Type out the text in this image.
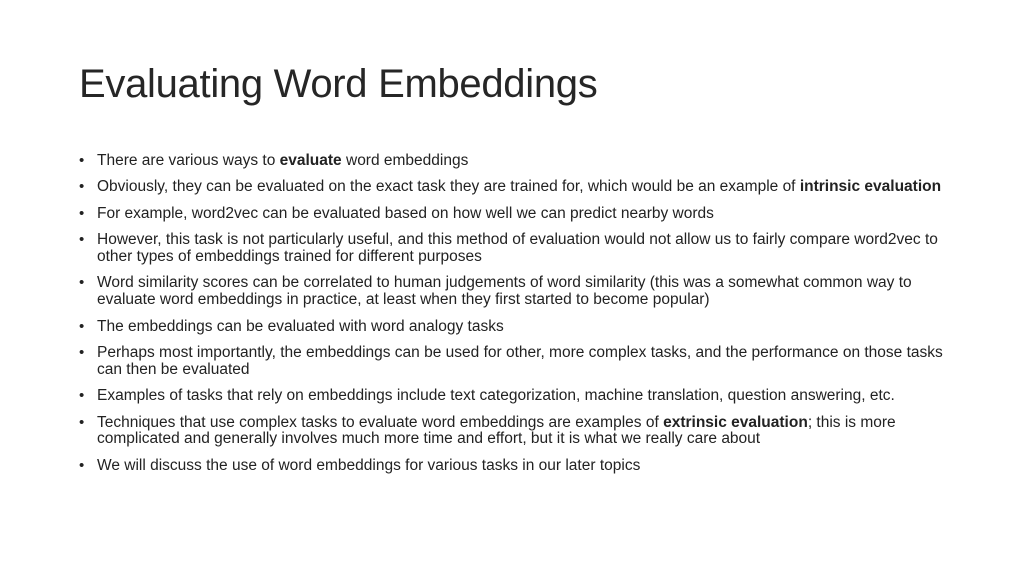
Evaluating Word Embeddings
• There are various ways to evaluate word embeddings
• Obviously, they can be evaluated on the exact task they are trained for, which would be an example of intrinsic evaluation
• For example, word2vec can be evaluated based on how well we can predict nearby words
• However, this task is not particularly useful, and this method of evaluation would not allow us to fairly compare word2vec to other types of embeddings trained for different purposes
• Word similarity scores can be correlated to human judgements of word similarity (this was a somewhat common way to evaluate word embeddings in practice, at least when they first started to become popular)
• The embeddings can be evaluated with word analogy tasks
• Perhaps most importantly, the embeddings can be used for other, more complex tasks, and the performance on those tasks can then be evaluated
• Examples of tasks that rely on embeddings include text categorization, machine translation, question answering, etc.
• Techniques that use complex tasks to evaluate word embeddings are examples of extrinsic evaluation; this is more complicated and generally involves much more time and effort, but it is what we really care about
• We will discuss the use of word embeddings for various tasks in our later topics
